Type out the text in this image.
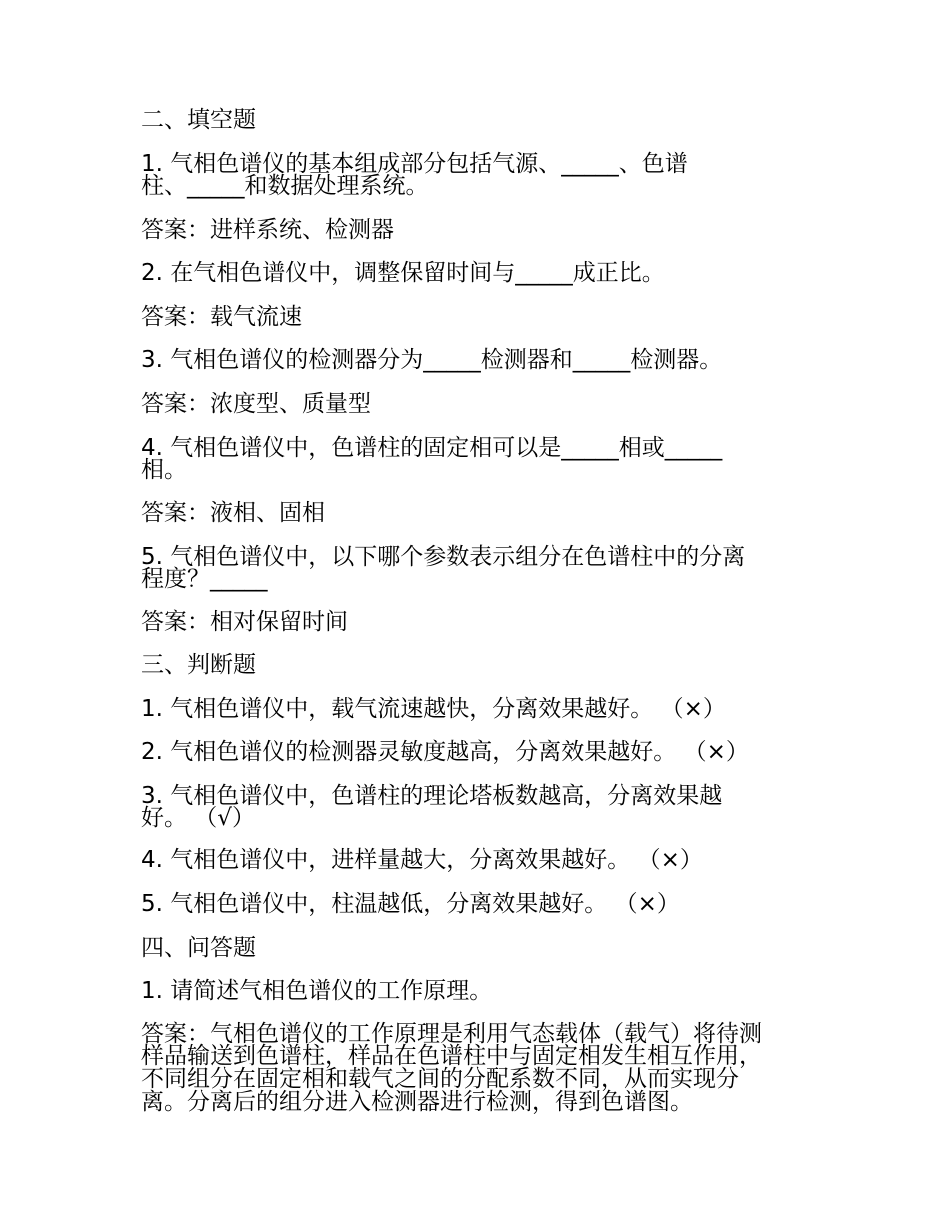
二、填空题
1. 气相色谱仪的基本组成部分包括气源、_____、色谱
柱、_____和数据处理系统。
答案：进样系统、检测器
2. 在气相色谱仪中，调整保留时间与_____成正比。
答案：载气流速
3. 气相色谱仪的检测器分为_____检测器和_____检测器。
答案：浓度型、质量型
4. 气相色谱仪中，色谱柱的固定相可以是_____相或_____
相。
答案：液相、固相
5. 气相色谱仪中，以下哪个参数表示组分在色谱柱中的分离
程度？_____
答案：相对保留时间
三、判断题
1. 气相色谱仪中，载气流速越快，分离效果越好。 （×）
2. 气相色谱仪的检测器灵敏度越高，分离效果越好。 （×）
3. 气相色谱仪中，色谱柱的理论塔板数越高，分离效果越
好。 （√）
4. 气相色谱仪中，进样量越大，分离效果越好。 （×）
5. 气相色谱仪中，柱温越低，分离效果越好。 （×）
四、问答题
1. 请简述气相色谱仪的工作原理。
答案：气相色谱仪的工作原理是利用气态载体（载气）将待测
样品输送到色谱柱，样品在色谱柱中与固定相发生相互作用，
不同组分在固定相和载气之间的分配系数不同，从而实现分
离。分离后的组分进入检测器进行检测，得到色谱图。
